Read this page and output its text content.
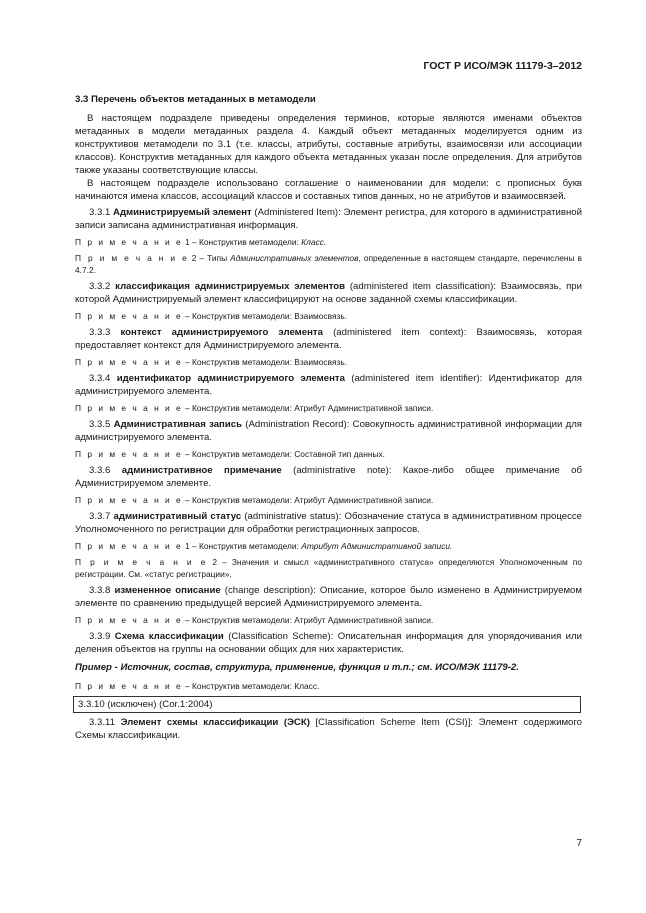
ГОСТ Р ИСО/МЭК 11179-3–2012

3.3 Перечень объектов метаданных в метамодели

В настоящем подразделе приведены определения терминов, которые являются именами объектов метаданных в модели метаданных раздела 4. Каждый объект метаданных моделируется одним из конструктивов метамодели по 3.1 (т.е. классы, атрибуты, составные атрибуты, взаимосвязи или ассоциации классов). Конструктив метаданных для каждого объекта метаданных указан после определения. Для атрибутов также указаны соответствующие классы.

В настоящем подразделе использовано соглашение о наименовании для модели: с прописных букв начинаются имена классов, ассоциаций классов и составных типов данных, но не атрибутов и взаимосвязей.

3.3.1 Администрируемый элемент (Administered Item): Элемент регистра, для которого в административной записи записана административная информация.

П р и м е ч а н и е 1 – Конструктив метамодели: Класс.

П р и м е ч а н и е 2 – Типы Административных элементов, определенные в настоящем стандарте, перечислены в 4.7.2.

3.3.2 классификация администрируемых элементов (administered item classification): Взаимосвязь, при которой Администрируемый элемент классифицируют на основе заданной схемы классификации.

П р и м е ч а н и е – Конструктив метамодели: Взаимосвязь.

3.3.3 контекст администрируемого элемента (administered item context): Взаимосвязь, которая предоставляет контекст для Администрируемого элемента.

П р и м е ч а н и е – Конструктив метамодели: Взаимосвязь.

3.3.4 идентификатор администрируемого элемента (administered item identifier): Идентификатор для администрируемого элемента.

П р и м е ч а н и е – Конструктив метамодели: Атрибут Административной записи.

3.3.5 Административная запись (Administration Record): Совокупность административной информации для администрируемого элемента.

П р и м е ч а н и е – Конструктив метамодели: Составной тип данных.

3.3.6 административное примечание (administrative note): Какое-либо общее примечание об Администрируемом элементе.

П р и м е ч а н и е – Конструктив метамодели: Атрибут Административной записи.

3.3.7 административный статус (administrative status): Обозначение статуса в административном процессе Уполномоченного по регистрации для обработки регистрационных запросов.

П р и м е ч а н и е 1 – Конструктив метамодели: Атрибут Административной записи.

П р и м е ч а н и е 2 – Значения и смысл «административного статуса» определяются Уполномоченным по регистрации. См. «статус регистрации».

3.3.8 измененное описание (change description): Описание, которое было изменено в Администрируемом элементе по сравнению предыдущей версией Администрируемого элемента.

П р и м е ч а н и е – Конструктив метамодели: Атрибут Административной записи.

3.3.9 Схема классификации (Classification Scheme): Описательная информация для упорядочивания или деления объектов на группы на основании общих для них характеристик.

Пример - Источник, состав, структура, применение, функция и т.п.; см. ИСО/МЭК 11179-2.

П р и м е ч а н и е – Конструктив метамодели: Класс.

3.3.10 (исключен) (Cor.1:2004)

3.3.11 Элемент схемы классификации (ЭСК) [Classification Scheme Item (CSI)]: Элемент содержимого Схемы классификации.

7
